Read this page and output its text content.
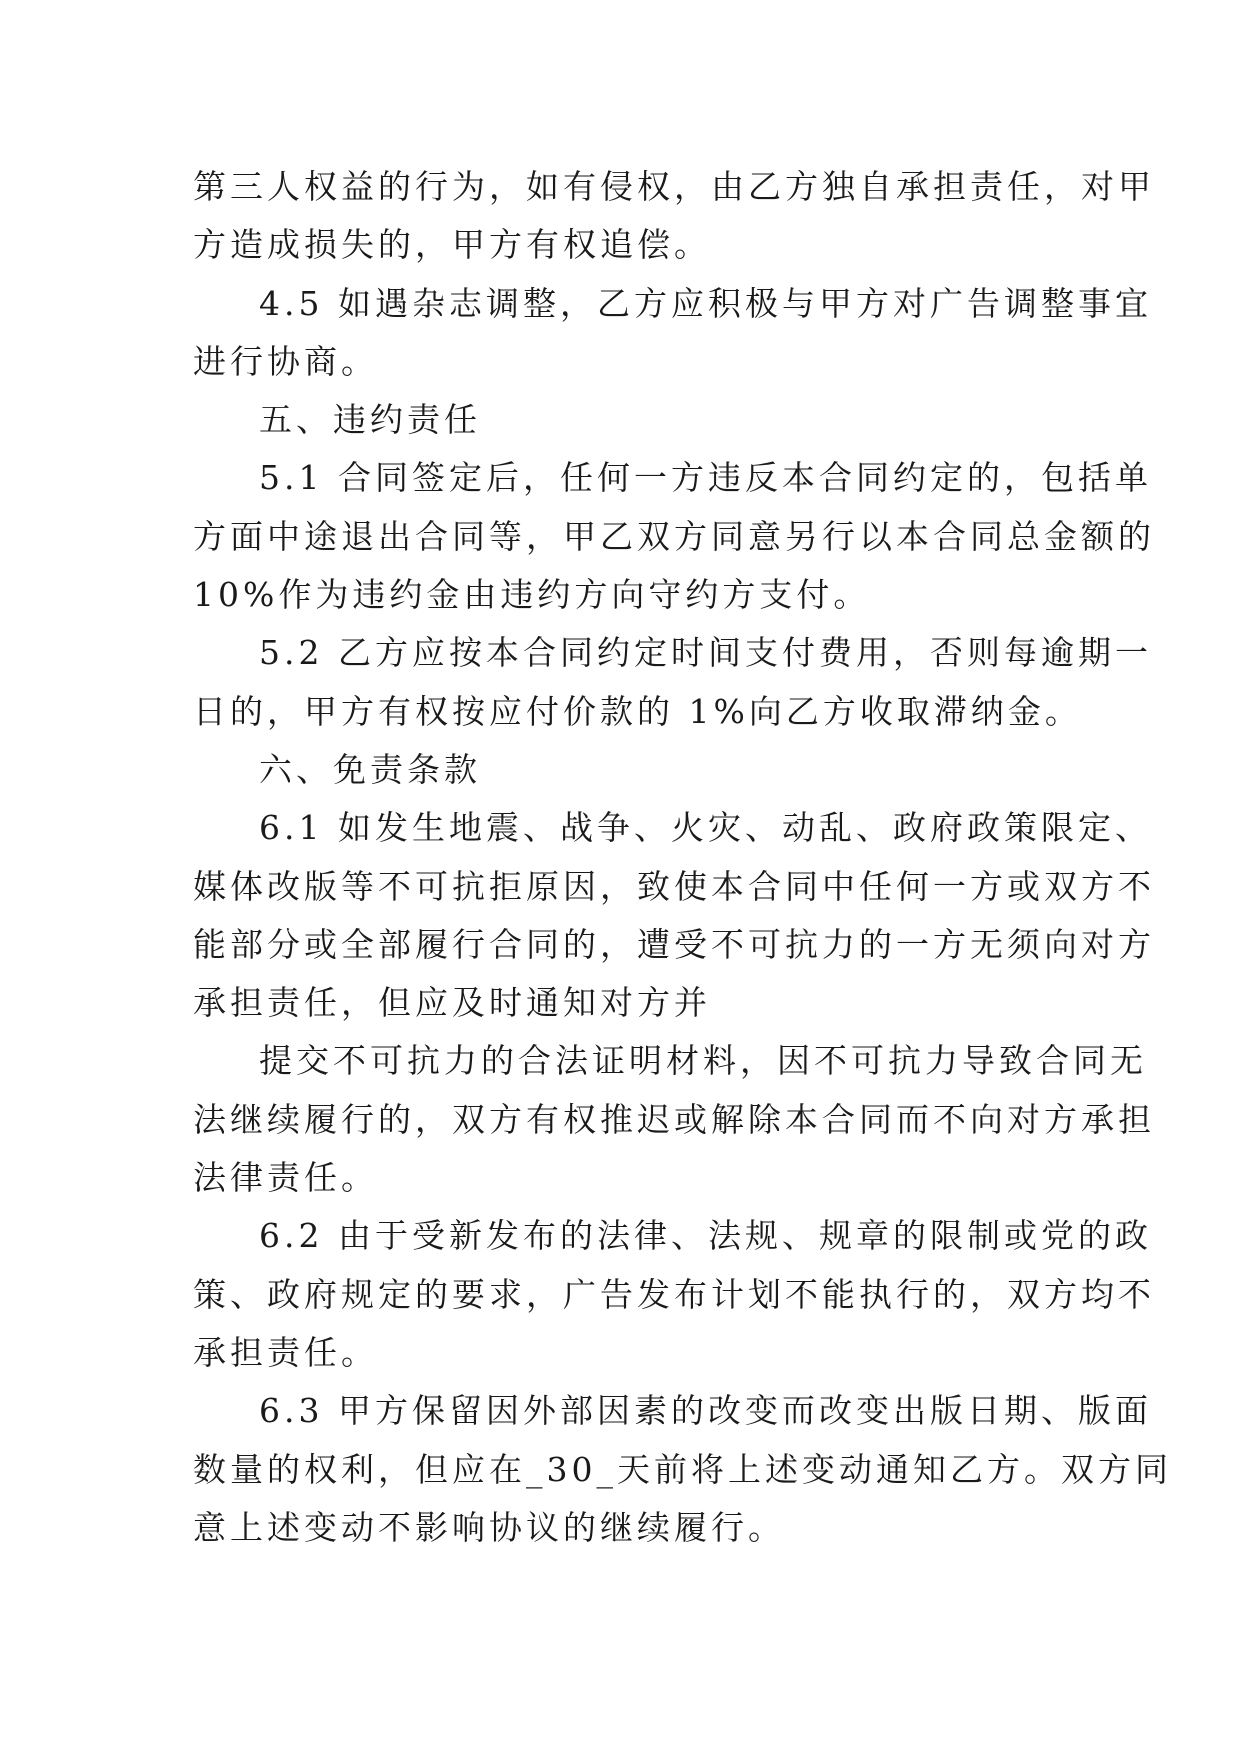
第三人权益的行为，如有侵权，由乙方独自承担责任，对甲
方造成损失的，甲方有权追偿。
4.5 如遇杂志调整，乙方应积极与甲方对广告调整事宜
进行协商。
五、违约责任
5.1 合同签定后，任何一方违反本合同约定的，包括单
方面中途退出合同等，甲乙双方同意另行以本合同总金额的
10%作为违约金由违约方向守约方支付。
5.2 乙方应按本合同约定时间支付费用，否则每逾期一
日的，甲方有权按应付价款的 1%向乙方收取滞纳金。
六、免责条款
6.1 如发生地震、战争、火灾、动乱、政府政策限定、
媒体改版等不可抗拒原因，致使本合同中任何一方或双方不
能部分或全部履行合同的，遭受不可抗力的一方无须向对方
承担责任，但应及时通知对方并
提交不可抗力的合法证明材料，因不可抗力导致合同无
法继续履行的，双方有权推迟或解除本合同而不向对方承担
法律责任。
6.2 由于受新发布的法律、法规、规章的限制或党的政
策、政府规定的要求，广告发布计划不能执行的，双方均不
承担责任。
6.3 甲方保留因外部因素的改变而改变出版日期、版面
数量的权利，但应在_30_天前将上述变动通知乙方。双方同
意上述变动不影响协议的继续履行。
